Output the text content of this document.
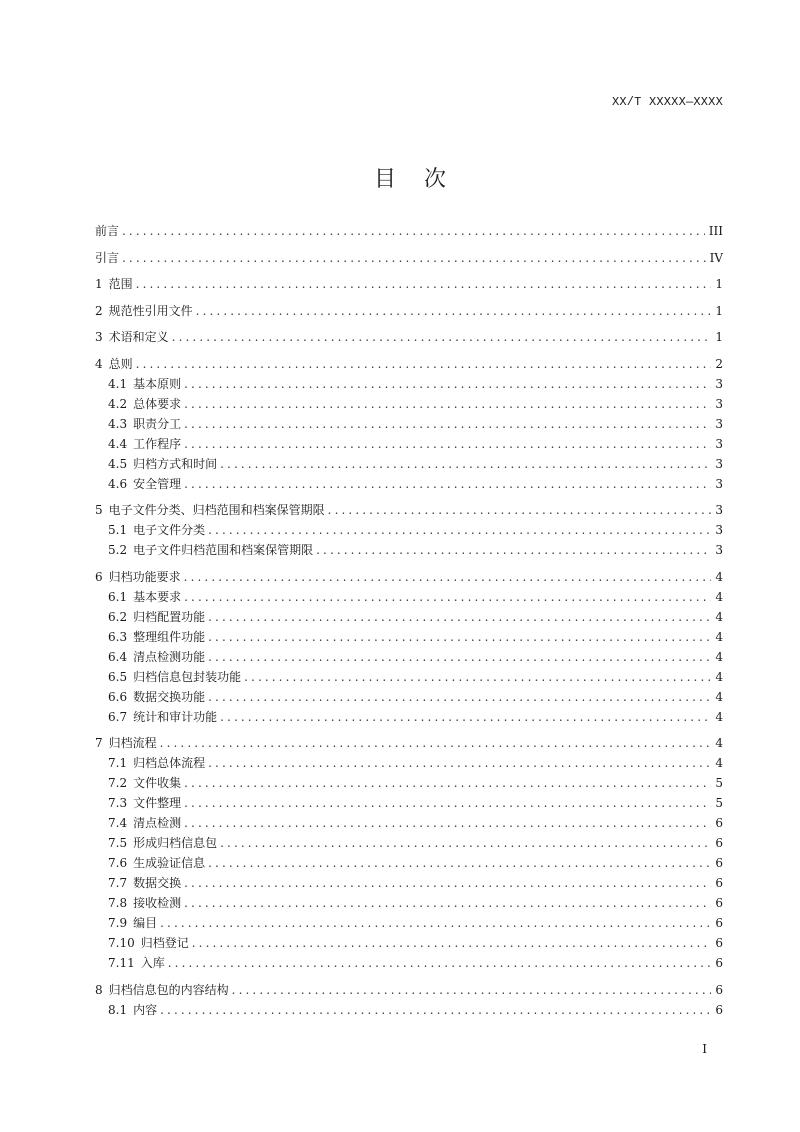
XX/T XXXXX—XXXX
目 次
前言 .....	III
引言 .....	IV
1 范围 .....	1
2 规范性引用文件 .....	1
3 术语和定义 .....	1
4 总则 .....	2
4.1 基本原则 .....	3
4.2 总体要求 .....	3
4.3 职责分工 .....	3
4.4 工作程序 .....	3
4.5 归档方式和时间 .....	3
4.6 安全管理 .....	3
5 电子文件分类、归档范围和档案保管期限 .....	3
5.1 电子文件分类 .....	3
5.2 电子文件归档范围和档案保管期限 .....	3
6 归档功能要求 .....	4
6.1 基本要求 .....	4
6.2 归档配置功能 .....	4
6.3 整理组件功能 .....	4
6.4 清点检测功能 .....	4
6.5 归档信息包封装功能 .....	4
6.6 数据交换功能 .....	4
6.7 统计和审计功能 .....	4
7 归档流程 .....	4
7.1 归档总体流程 .....	4
7.2 文件收集 .....	5
7.3 文件整理 .....	5
7.4 清点检测 .....	6
7.5 形成归档信息包 .....	6
7.6 生成验证信息 .....	6
7.7 数据交换 .....	6
7.8 接收检测 .....	6
7.9 编目 .....	6
7.10 归档登记 .....	6
7.11 入库 .....	6
8 归档信息包的内容结构 .....	6
8.1 内容 .....	6
I
